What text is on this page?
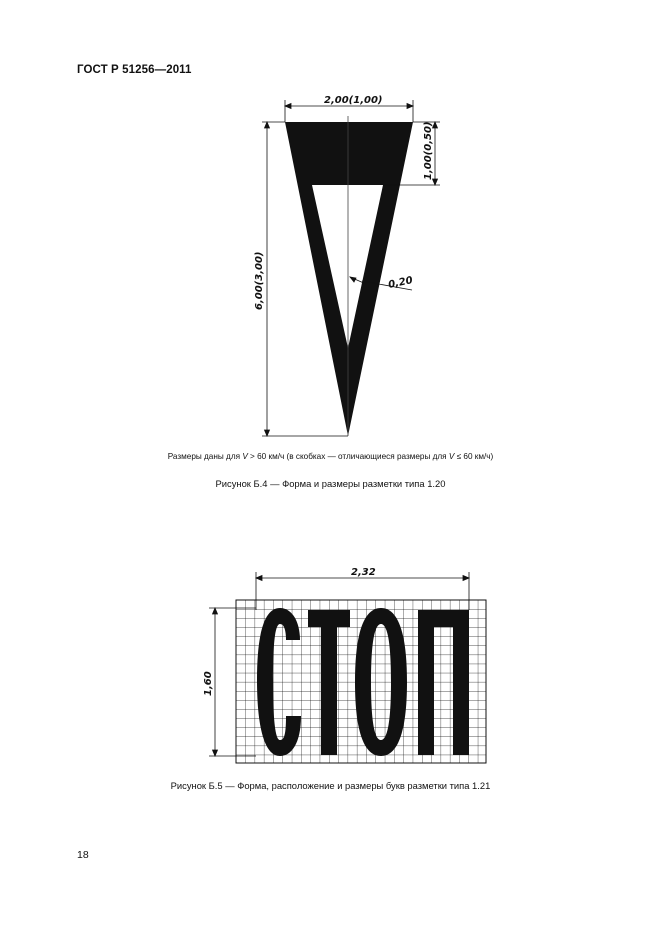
ГОСТ Р 51256—2011
2,00(1,00)
1,00(0,50)
6,00(3,00)	0,20
Размеры даны для V > 60 км/ч (в скобках — отличающиеся размеры для V ≤ 60 км/ч)
Рисунок Б.4 — Форма и размеры разметки типа 1.20
2,32
1,60
Рисунок Б.5 — Форма, расположение и размеры букв разметки типа 1.21
18
